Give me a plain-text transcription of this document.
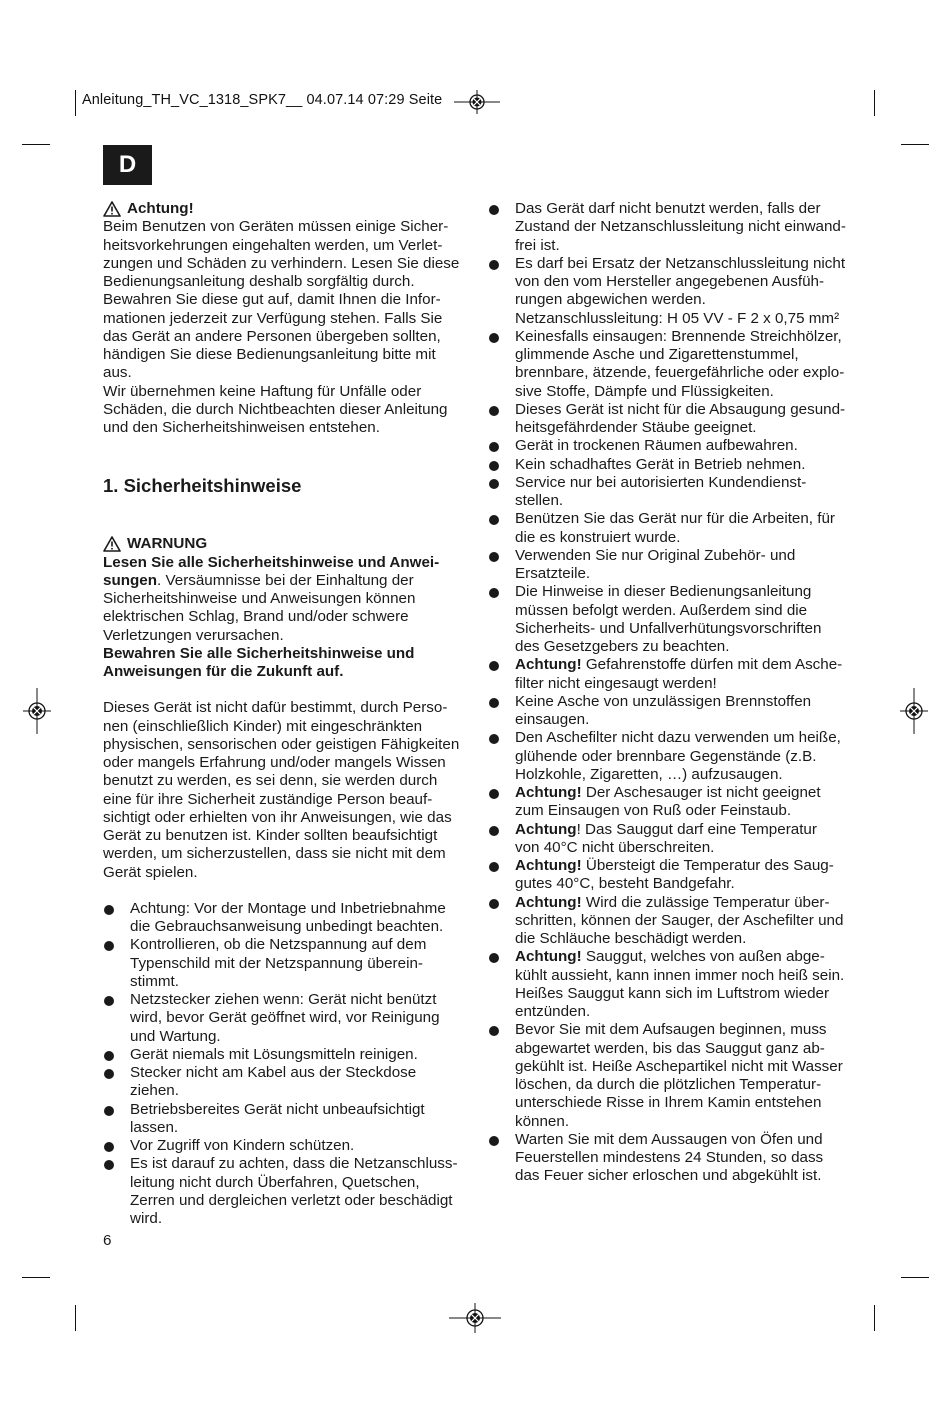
Anleitung_TH_VC_1318_SPK7__ 04.07.14 07:29 Seite
D
Achtung!

Beim Benutzen von Geräten müssen einige Sicher-
heitsvorkehrungen eingehalten werden, um Verlet-
zungen und Schäden zu verhindern. Lesen Sie diese
Bedienungsanleitung deshalb sorgfältig durch.
Bewahren Sie diese gut auf, damit Ihnen die Infor-
mationen jederzeit zur Verfügung stehen. Falls Sie
das Gerät an andere Personen übergeben sollten,
händigen Sie diese Bedienungsanleitung bitte mit
aus.
Wir übernehmen keine Haftung für Unfälle oder
Schäden, die durch Nichtbeachten dieser Anleitung
und den Sicherheitshinweisen entstehen.

1. Sicherheitshinweise
WARNUNG

Lesen Sie alle Sicherheitshinweise und Anwei-
sungen. Versäumnisse bei der Einhaltung der
Sicherheitshinweise und Anweisungen können
elektrischen Schlag, Brand und/oder schwere
Verletzungen verursachen.
Bewahren Sie alle Sicherheitshinweise und
Anweisungen für die Zukunft auf.

Dieses Gerät ist nicht dafür bestimmt, durch Perso-
nen (einschließlich Kinder) mit eingeschränkten
physischen, sensorischen oder geistigen Fähigkeiten
oder mangels Erfahrung und/oder mangels Wissen
benutzt zu werden, es sei denn, sie werden durch
eine für ihre Sicherheit zuständige Person beauf-
sichtigt oder erhielten von ihr Anweisungen, wie das
Gerät zu benutzen ist. Kinder sollten beaufsichtigt
werden, um sicherzustellen, dass sie nicht mit dem
Gerät spielen.

Achtung: Vor der Montage und Inbetriebnahme
die Gebrauchsanweisung unbedingt beachten.
Kontrollieren, ob die Netzspannung auf dem
Typenschild mit der Netzspannung überein-
stimmt.
Netzstecker ziehen wenn: Gerät nicht benützt
wird, bevor Gerät geöffnet wird, vor Reinigung
und Wartung.
Gerät niemals mit Lösungsmitteln reinigen.
Stecker nicht am Kabel aus der Steckdose
ziehen.
Betriebsbereites Gerät nicht unbeaufsichtigt
lassen.
Vor Zugriff von Kindern schützen.
Es ist darauf zu achten, dass die Netzanschluss-
leitung nicht durch Überfahren, Quetschen,
Zerren und dergleichen verletzt oder beschädigt
wird.
Das Gerät darf nicht benutzt werden, falls der
Zustand der Netzanschlussleitung nicht einwand-
frei ist.
Es darf bei Ersatz der Netzanschlussleitung nicht
von den vom Hersteller angegebenen Ausfüh-
rungen abgewichen werden.
Netzanschlussleitung: H 05 VV - F 2 x 0,75 mm²
Keinesfalls einsaugen: Brennende Streichhölzer,
glimmende Asche und Zigarettenstummel,
brennbare, ätzende, feuergefährliche oder explo-
sive Stoffe, Dämpfe und Flüssigkeiten.
Dieses Gerät ist nicht für die Absaugung gesund-
heitsgefährdender Stäube geeignet.
Gerät in trockenen Räumen aufbewahren.
Kein schadhaftes Gerät in Betrieb nehmen.
Service nur bei autorisierten Kundendienst-
stellen.
Benützen Sie das Gerät nur für die Arbeiten, für
die es konstruiert wurde.
Verwenden Sie nur Original Zubehör- und
Ersatzteile.
Die Hinweise in dieser Bedienungsanleitung
müssen befolgt werden. Außerdem sind die
Sicherheits- und Unfallverhütungsvorschriften
des Gesetzgebers zu beachten.
Achtung! Gefahrenstoffe dürfen mit dem Asche-
filter nicht eingesaugt werden!
Keine Asche von unzulässigen Brennstoffen
einsaugen.
Den Aschefilter nicht dazu verwenden um heiße,
glühende oder brennbare Gegenstände (z.B.
Holzkohle, Zigaretten, …) aufzusaugen.
Achtung! Der Aschesauger ist nicht geeignet
zum Einsaugen von Ruß oder Feinstaub.
Achtung! Das Sauggut darf eine Temperatur
von 40°C nicht überschreiten.
Achtung! Übersteigt die Temperatur des Saug-
gutes 40°C, besteht Bandgefahr.
Achtung! Wird die zulässige Temperatur über-
schritten, können der Sauger, der Aschefilter und
die Schläuche beschädigt werden.
Achtung! Sauggut, welches von außen abge-
kühlt aussieht, kann innen immer noch heiß sein.
Heißes Sauggut kann sich im Luftstrom wieder
entzünden.
Bevor Sie mit dem Aufsaugen beginnen, muss
abgewartet werden, bis das Sauggut ganz ab-
gekühlt ist. Heiße Aschepartikel nicht mit Wasser
löschen, da durch die plötzlichen Temperatur-
unterschiede Risse in Ihrem Kamin entstehen
können.
Warten Sie mit dem Aussaugen von Öfen und
Feuerstellen mindestens 24 Stunden, so dass
das Feuer sicher erloschen und abgekühlt ist.
6
